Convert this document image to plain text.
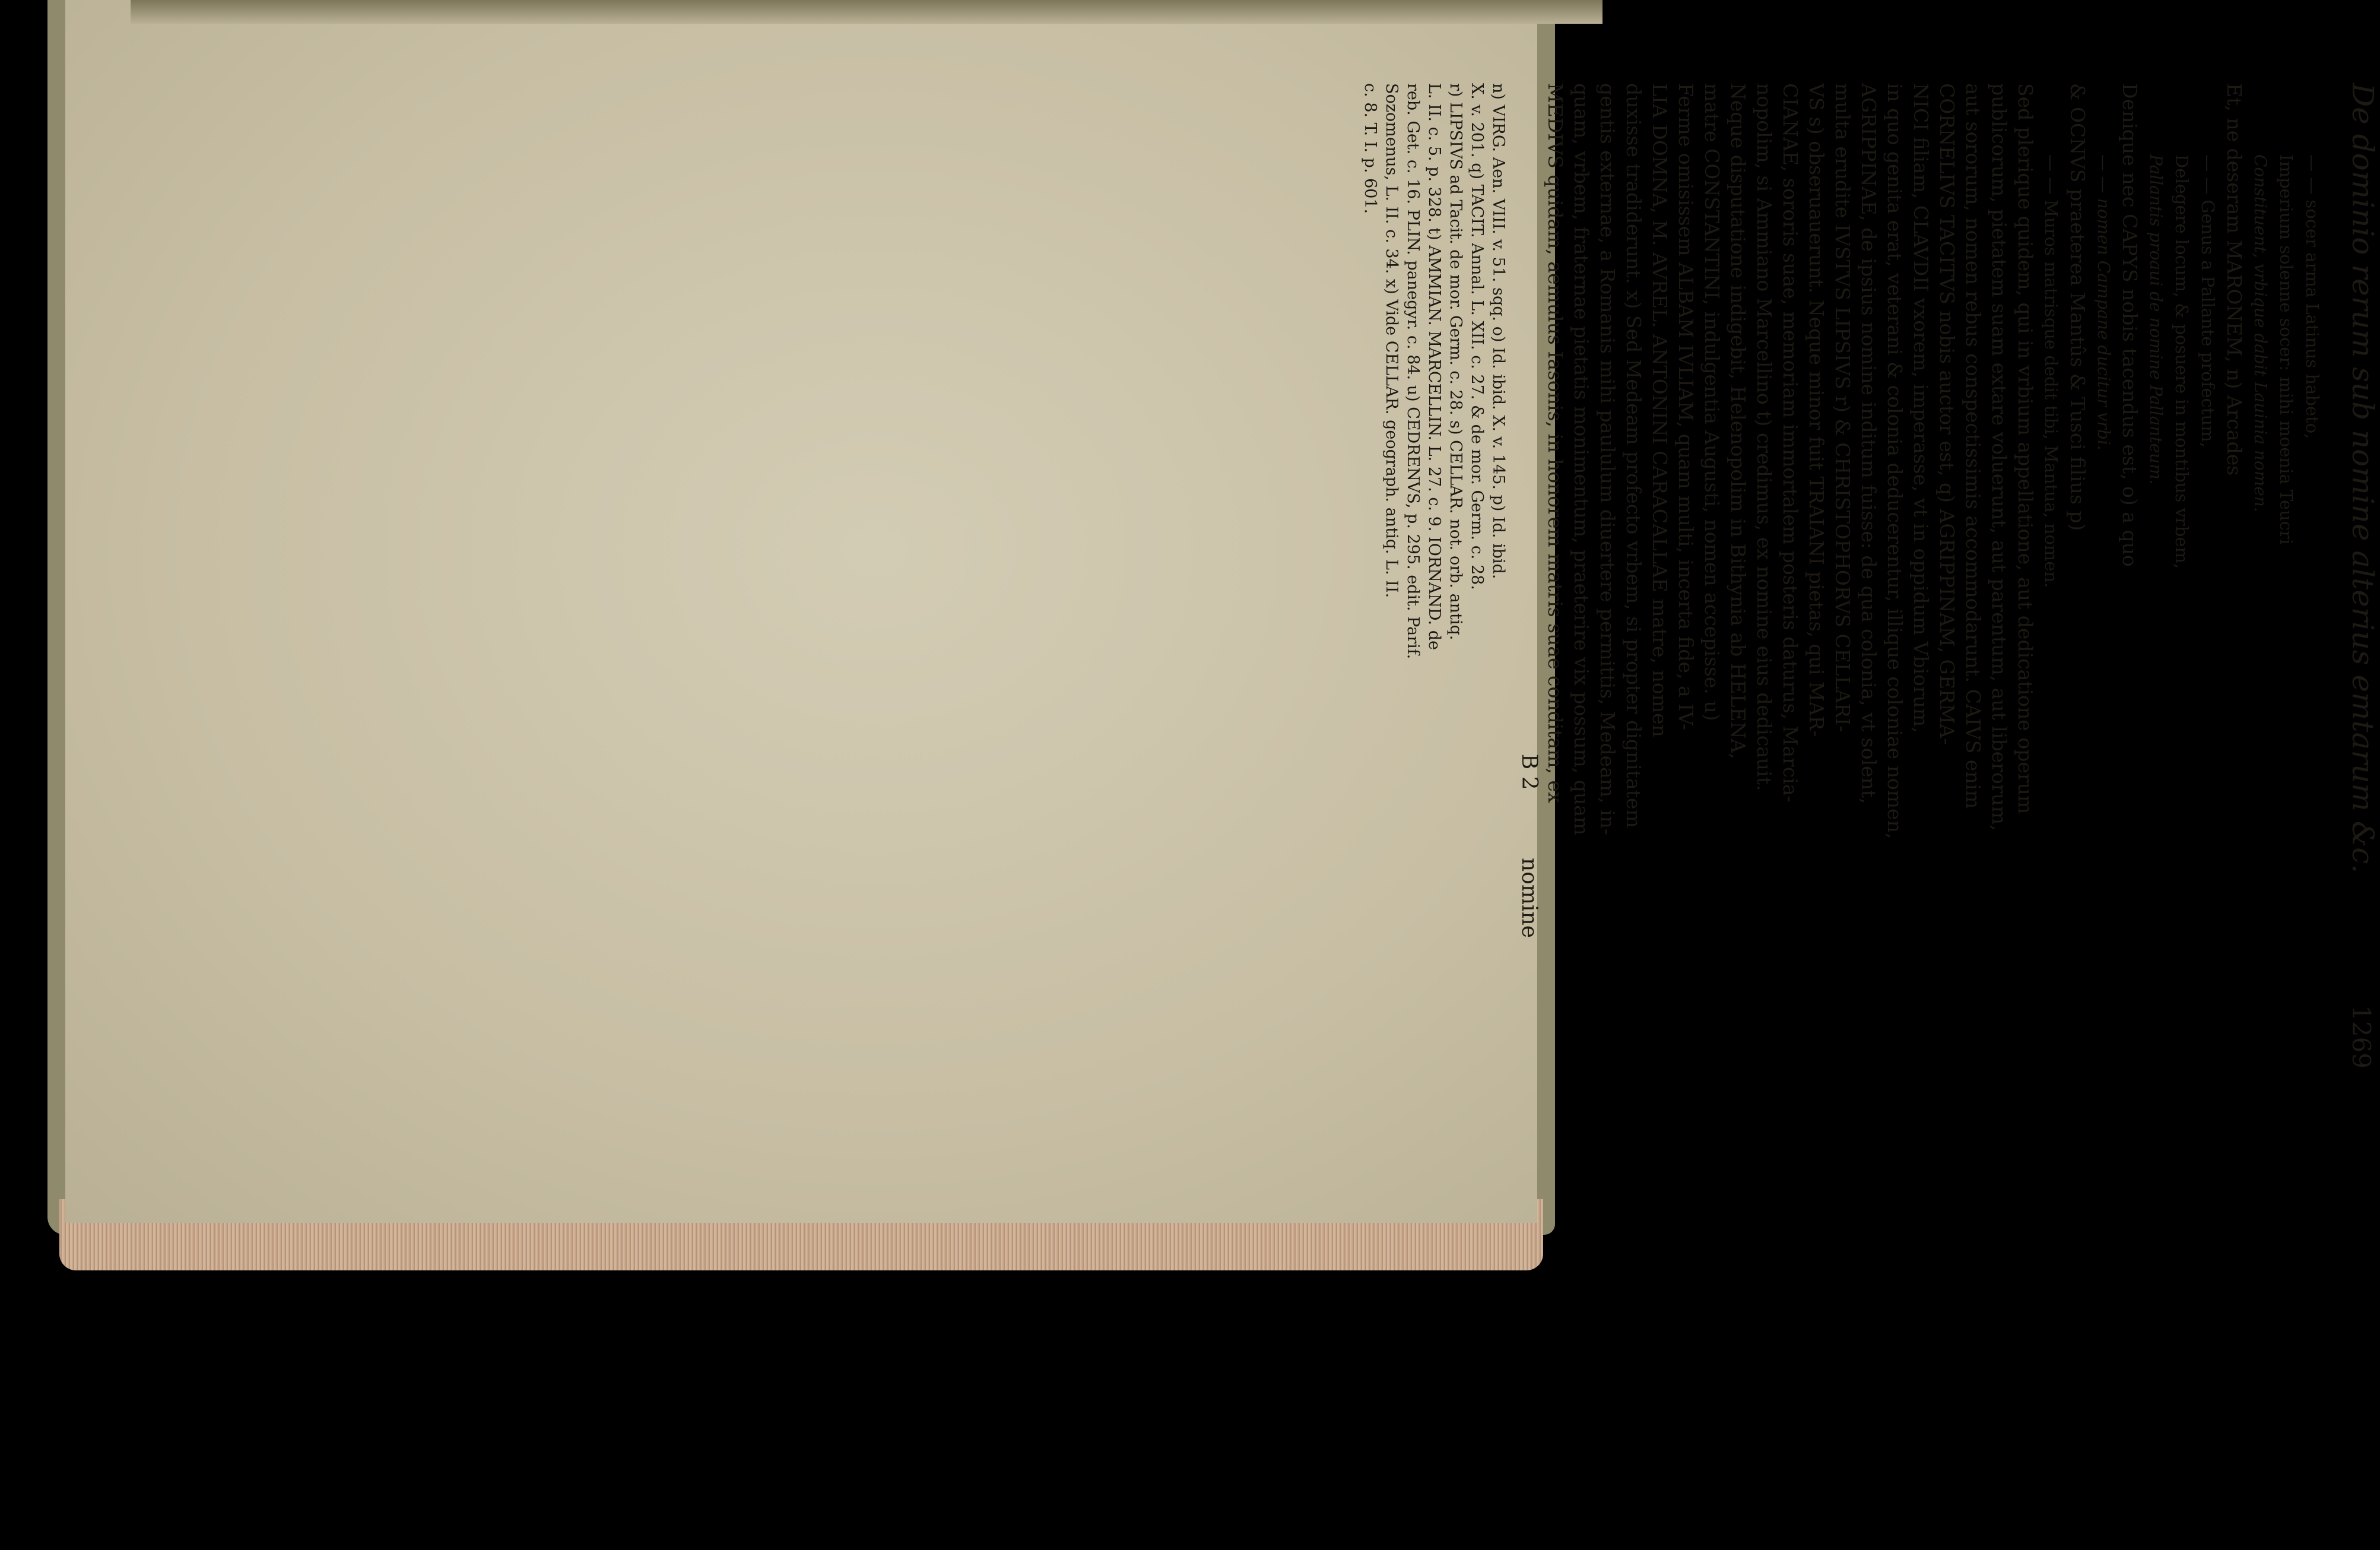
De dominio rerum sub nomine alterius emtarum &c.
1269
— — socer arma Latinus habeto,
Imperium solenne socer: mihi moenia Teucri
Constituent, vrbique dabit Lauinia nomen.
Et, ne deseram MARONEM, n) Arcades
— — Genus a Pallante profectum,
Delegere locum, & posuere in montibus vrbem,
Pallantis proaui de nomine Pallanteum.
Denique nec CAPYS nobis tacendus est, o) a quo
— — nomen Campane ducitur vrbi.
& OCNVS praeterea Mantûs & Tusci filius p)
— — Muros matrisque dedit tibi, Mantua, nomen.
Sed plerique quidem, qui in vrbium appellatione, aut dedicatione operum
publicorum, pietatem suam extare voluerunt, aut parentum, aut liberorum,
aut sororum, nomen rebus conspectissimis accommodarunt. CAIVS enim
CORNELIVS TACITVS nobis auctor est, q) AGRIPPINAM, GERMA-
NICI filiam, CLAVDII vxorem, imperasse, vt in oppidum Vbiorum,
in quo genita erat, veterani & colonia deducerentur, illique coloniae nomen,
AGRIPPINAE, de ipsius nomine inditum fuisse: de qua colonia, vt solent,
multa erudite IVSTVS LIPSIVS r) & CHRISTOPHORVS CELLARI-
VS s) obseruauerunt. Neque minor fuit TRAIANI pietas, qui MAR-
CIANAE, sororis suae, memoriam immortalem posteris daturus, Marcia-
nopolim, si Ammiano Marcellino t) credimus, ex nomine eius dedicauit.
Neque disputatione indigebit, Helenopolim in Bithynia ab HELENA,
matre CONSTANTINI, indulgentia Augusti, nomen accepisse. u)
Ferme omisissem ALBAM IVLIAM, quam multi, incerta fide, a IV-
LIA DOMNA, M. AVREL. ANTONINI CARACALLAE matre, nomen
duxisse tradiderunt. x) Sed Medeam profecto vrbem, si propter dignitatem
gentis externae, a Romanis mihi paululum diuertere permittis, Medeam, in-
quam, vrbem, fraternae pietatis monimentum, praeterire vix possum, quam
MEDIVS quidam, aemulus Iasonis, in honorem matris suae conditam, ex
B 2          nomine
n) VIRG. Aen. VIII. v. 51. sqq. o) Id. ibid. X. v. 145. p) Id. ibid.
X. v. 201. q) TACIT. Annal. L. XII. c. 27. & de mor. Germ. c. 28.
r) LIPSIVS ad Tacit. de mor. Germ. c. 28. s) CELLAR. not. orb. antiq.
L. II. c. 5. p. 328. t) AMMIAN. MARCELLIN. L. 27. c. 9. IORNAND. de
reb. Get. c. 16. PLIN. panegyr. c. 84. u) CEDRENVS, p. 295. edit. Parif.
Sozomenus, L. II. c. 34. x) Vide CELLAR. geograph. antiq. L. II.
c. 8. T. I. p. 601.
